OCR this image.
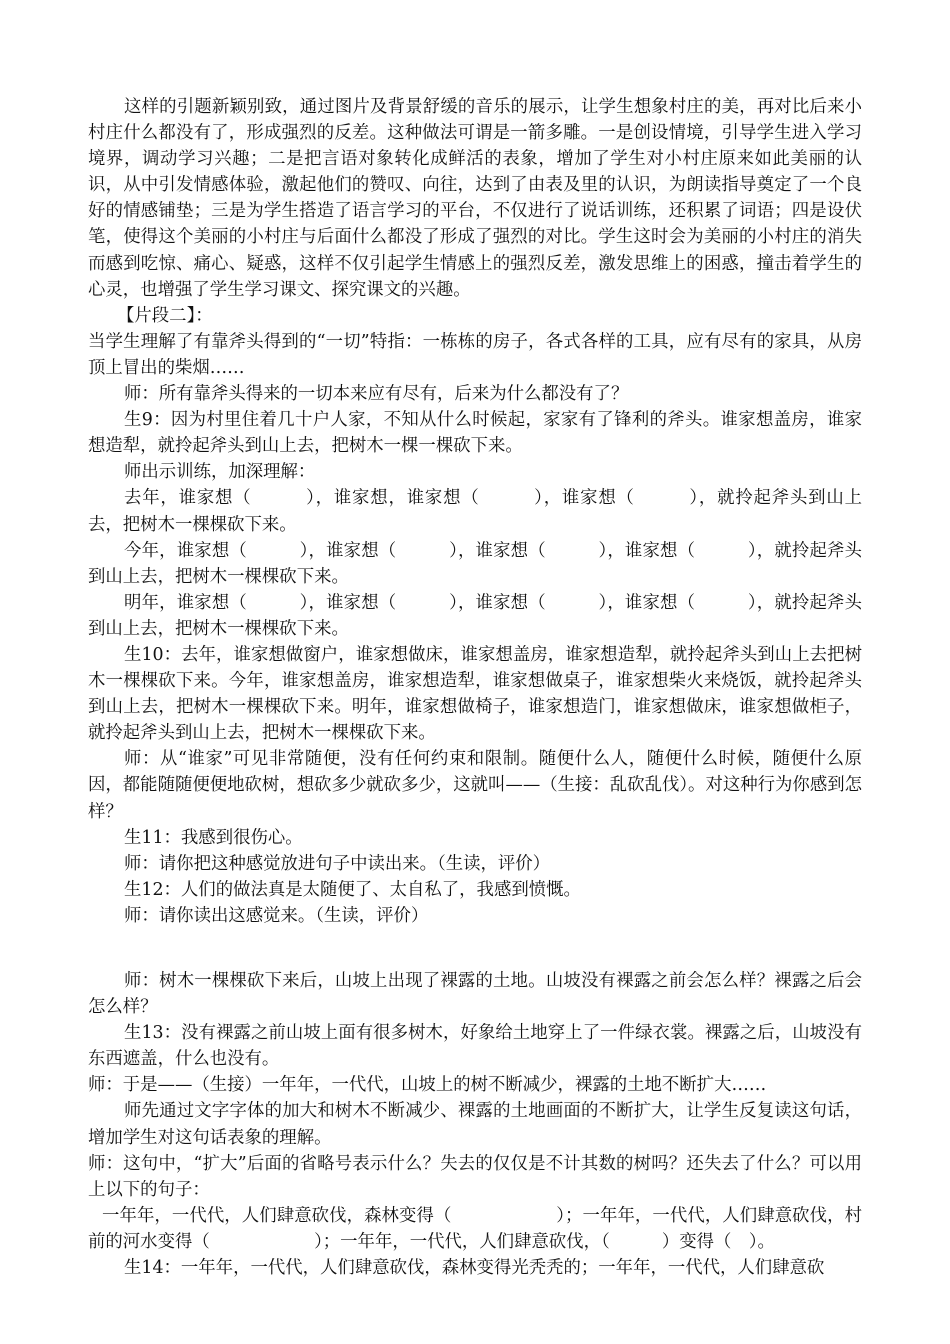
这样的引题新颖别致，通过图片及背景舒缓的音乐的展示，让学生想象村庄的美，再对比后来小村庄什么都没有了，形成强烈的反差。这种做法可谓是一箭多雕。一是创设情境，引导学生进入学习境界，调动学习兴趣；二是把言语对象转化成鲜活的表象，增加了学生对小村庄原来如此美丽的认识，从中引发情感体验，激起他们的赞叹、向往，达到了由表及里的认识，为朗读指导奠定了一个良好的情感铺垫；三是为学生搭造了语言学习的平台，不仅进行了说话训练，还积累了词语；四是设伏笔，使得这个美丽的小村庄与后面什么都没了形成了强烈的对比。学生这时会为美丽的小村庄的消失而感到吃惊、痛心、疑惑，这样不仅引起学生情感上的强烈反差，激发思维上的困惑，撞击着学生的心灵，也增强了学生学习课文、探究课文的兴趣。

【片段二】：

当学生理解了有靠斧头得到的“一切”特指：一栋栋的房子，各式各样的工具，应有尽有的家具，从房顶上冒出的柴烟……

师：所有靠斧头得来的一切本来应有尽有，后来为什么都没有了？

生9：因为村里住着几十户人家，不知从什么时候起，家家有了锋利的斧头。谁家想盖房，谁家想造犁，就拎起斧头到山上去，把树木一棵一棵砍下来。

师出示训练，加深理解：

去年，谁家想（　　　），谁家想，谁家想（　　　），谁家想（　　　），就拎起斧头到山上去，把树木一棵棵砍下来。

今年，谁家想（　　　），谁家想（　　　），谁家想（　　　），谁家想（　　　），就拎起斧头到山上去，把树木一棵棵砍下来。

明年，谁家想（　　　），谁家想（　　　），谁家想（　　　），谁家想（　　　），就拎起斧头到山上去，把树木一棵棵砍下来。

生10：去年，谁家想做窗户，谁家想做床，谁家想盖房，谁家想造犁，就拎起斧头到山上去把树木一棵棵砍下来。今年，谁家想盖房，谁家想造犁，谁家想做桌子，谁家想柴火来烧饭，就拎起斧头到山上去，把树木一棵棵砍下来。明年，谁家想做椅子，谁家想造门，谁家想做床，谁家想做柜子，就拎起斧头到山上去，把树木一棵棵砍下来。

师：从“谁家”可见非常随便，没有任何约束和限制。随便什么人，随便什么时候，随便什么原因，都能随随便便地砍树，想砍多少就砍多少，这就叫——（生接：乱砍乱伐）。对这种行为你感到怎样？

生11：我感到很伤心。

师：请你把这种感觉放进句子中读出来。（生读，评价）

生12：人们的做法真是太随便了、太自私了，我感到愤慨。

师：请你读出这感觉来。（生读，评价）

师：树木一棵棵砍下来后，山坡上出现了裸露的土地。山坡没有裸露之前会怎么样？裸露之后会怎么样？

生13：没有裸露之前山坡上面有很多树木，好象给土地穿上了一件绿衣裳。裸露之后，山坡没有东西遮盖，什么也没有。

师：于是——（生接）一年年，一代代，山坡上的树不断减少，裸露的土地不断扩大……

师先通过文字字体的加大和树木不断减少、裸露的土地画面的不断扩大，让学生反复读这句话，增加学生对这句话表象的理解。

师：这句中，“扩大”后面的省略号表示什么？失去的仅仅是不计其数的树吗？还失去了什么？可以用上以下的句子：

一年年，一代代，人们肆意砍伐，森林变得（　　　　　　）；一年年，一代代，人们肆意砍伐，村前的河水变得（　　　　　　）；一年年，一代代，人们肆意砍伐，（　　　）变得（　）。

生14：一年年，一代代，人们肆意砍伐，森林变得光秃秃的；一年年，一代代，人们肆意砍
